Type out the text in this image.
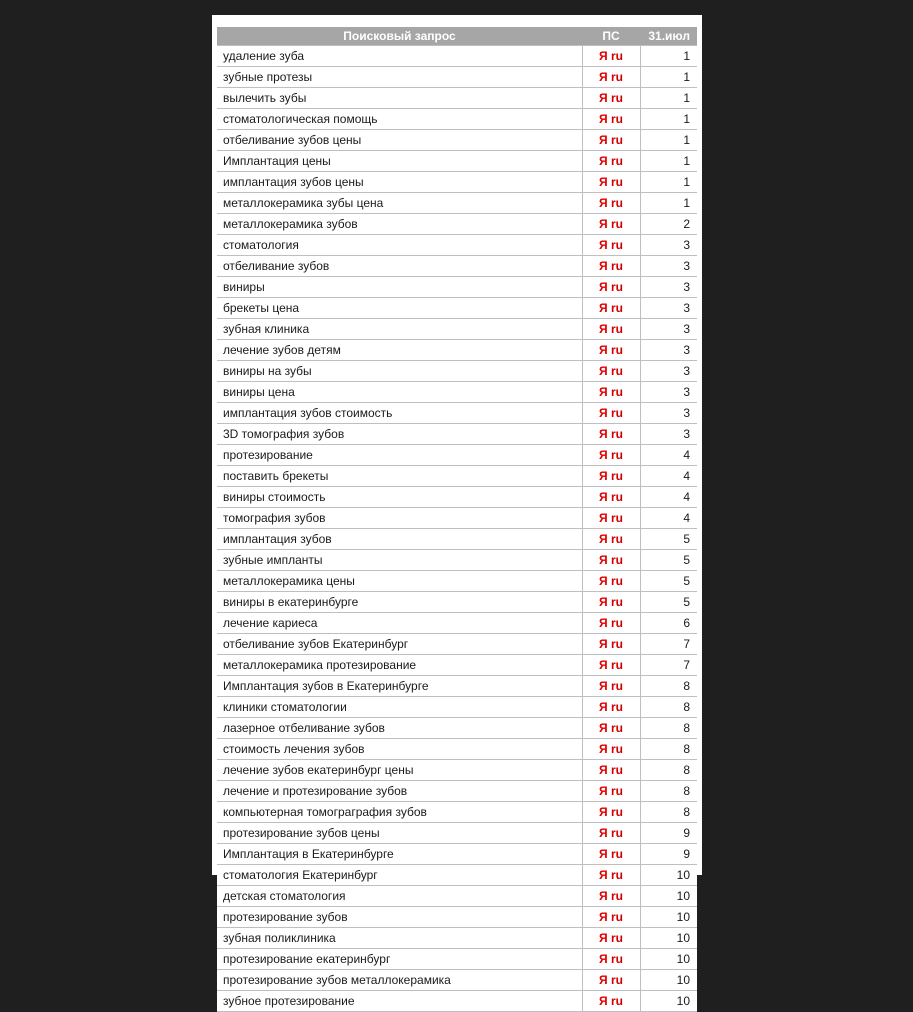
Поисковый запрос	ПС	31.июл
удаление зуба	Я ru	1
зубные протезы	Я ru	1
вылечить зубы	Я ru	1
стоматологическая помощь	Я ru	1
отбеливание зубов цены	Я ru	1
Имплантация цены	Я ru	1
имплантация зубов цены	Я ru	1
металлокерамика зубы цена	Я ru	1
металлокерамика зубов	Я ru	2
стоматология	Я ru	3
отбеливание зубов	Я ru	3
виниры	Я ru	3
брекеты цена	Я ru	3
зубная клиника	Я ru	3
лечение зубов детям	Я ru	3
виниры на зубы	Я ru	3
виниры цена	Я ru	3
имплантация зубов стоимость	Я ru	3
3D томография зубов	Я ru	3
протезирование	Я ru	4
поставить брекеты	Я ru	4
виниры стоимость	Я ru	4
томография зубов	Я ru	4
имплантация зубов	Я ru	5
зубные импланты	Я ru	5
металлокерамика цены	Я ru	5
виниры в екатеринбурге	Я ru	5
лечение кариеса	Я ru	6
отбеливание зубов Екатеринбург	Я ru	7
металлокерамика протезирование	Я ru	7
Имплантация зубов в Екатеринбурге	Я ru	8
клиники стоматологии	Я ru	8
лазерное отбеливание зубов	Я ru	8
стоимость лечения зубов	Я ru	8
лечение зубов екатеринбург цены	Я ru	8
лечение и протезирование зубов	Я ru	8
компьютерная томограграфия зубов	Я ru	8
протезирование зубов цены	Я ru	9
Имплантация в Екатеринбурге	Я ru	9
стоматология Екатеринбург	Я ru	10
детская стоматология	Я ru	10
протезирование зубов	Я ru	10
зубная поликлиника	Я ru	10
протезирование екатеринбург	Я ru	10
протезирование зубов металлокерамика	Я ru	10
зубное протезирование	Я ru	10
